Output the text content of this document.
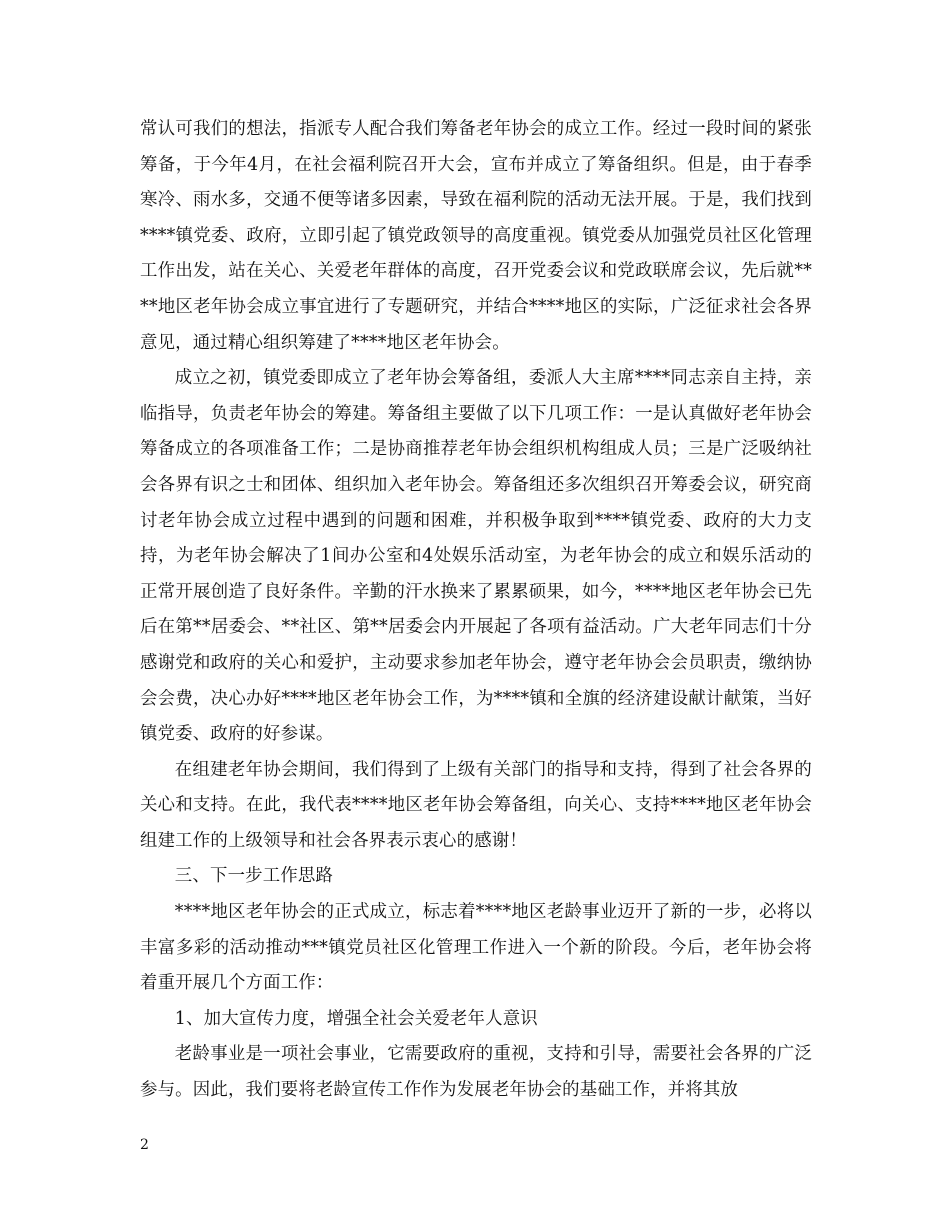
常认可我们的想法，指派专人配合我们筹备老年协会的成立工作。经过一段时间的紧张筹备，于今年4月，在社会福利院召开大会，宣布并成立了筹备组织。但是，由于春季寒冷、雨水多，交通不便等诸多因素，导致在福利院的活动无法开展。于是，我们找到****镇党委、政府，立即引起了镇党政领导的高度重视。镇党委从加强党员社区化管理工作出发，站在关心、关爱老年群体的高度，召开党委会议和党政联席会议，先后就****地区老年协会成立事宜进行了专题研究，并结合****地区的实际，广泛征求社会各界意见，通过精心组织筹建了****地区老年协会。

成立之初，镇党委即成立了老年协会筹备组，委派人大主席****同志亲自主持，亲临指导，负责老年协会的筹建。筹备组主要做了以下几项工作：一是认真做好老年协会筹备成立的各项准备工作；二是协商推荐老年协会组织机构组成人员；三是广泛吸纳社会各界有识之士和团体、组织加入老年协会。筹备组还多次组织召开筹委会议，研究商讨老年协会成立过程中遇到的问题和困难，并积极争取到****镇党委、政府的大力支持，为老年协会解决了1间办公室和4处娱乐活动室，为老年协会的成立和娱乐活动的正常开展创造了良好条件。辛勤的汗水换来了累累硕果，如今，****地区老年协会已先后在第**居委会、**社区、第**居委会内开展起了各项有益活动。广大老年同志们十分感谢党和政府的关心和爱护，主动要求参加老年协会，遵守老年协会会员职责，缴纳协会会费，决心办好****地区老年协会工作，为****镇和全旗的经济建设献计献策，当好镇党委、政府的好参谋。

在组建老年协会期间，我们得到了上级有关部门的指导和支持，得到了社会各界的关心和支持。在此，我代表****地区老年协会筹备组，向关心、支持****地区老年协会组建工作的上级领导和社会各界表示衷心的感谢！

三、下一步工作思路

****地区老年协会的正式成立，标志着****地区老龄事业迈开了新的一步，必将以丰富多彩的活动推动***镇党员社区化管理工作进入一个新的阶段。今后，老年协会将着重开展几个方面工作：

1、加大宣传力度，增强全社会关爱老年人意识

老龄事业是一项社会事业，它需要政府的重视，支持和引导，需要社会各界的广泛参与。因此，我们要将老龄宣传工作作为发展老年协会的基础工作，并将其放

2
